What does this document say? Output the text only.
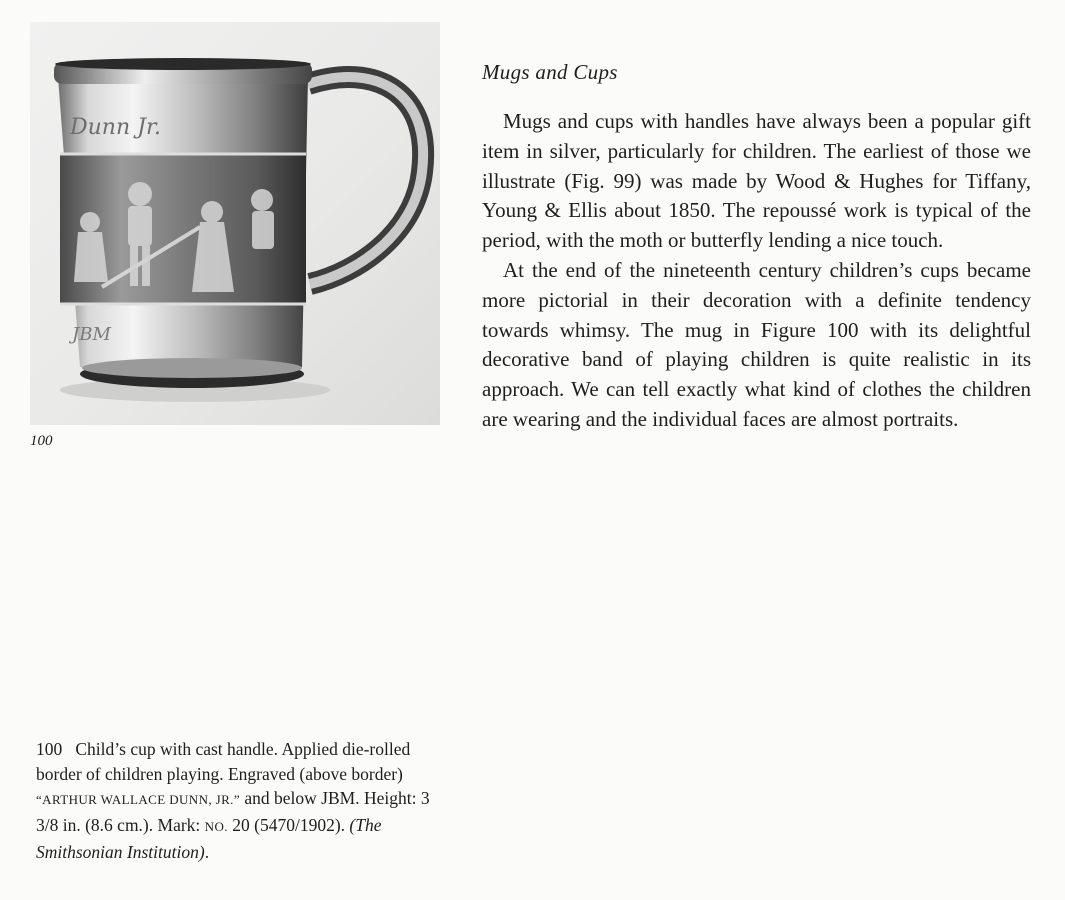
Dunn Jr.
JBM
100
Mugs and Cups

Mugs and cups with handles have always been a popular gift item in silver, particularly for children. The earliest of those we illustrate (Fig. 99) was made by Wood & Hughes for Tiffany, Young & Ellis about 1850. The repoussé work is typical of the period, with the moth or butterfly lending a nice touch.

At the end of the nineteenth century children’s cups became more pictorial in their decoration with a definite tendency towards whimsy. The mug in Figure 100 with its delightful decorative band of playing children is quite realistic in its approach. We can tell exactly what kind of clothes the children are wearing and the individual faces are almost portraits.

100 Child’s cup with cast handle. Applied die-rolled border of children playing. Engraved (above border) “ARTHUR WALLACE DUNN, JR.” and below JBM. Height: 3 3/8 in. (8.6 cm.). Mark: NO. 20 (5470/1902). (The Smithsonian Institution).
